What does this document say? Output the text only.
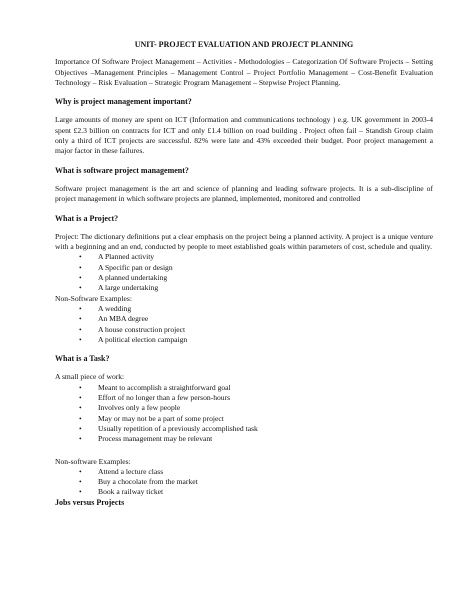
UNIT- PROJECT EVALUATION AND PROJECT PLANNING

Importance Of Software Project Management – Activities - Methodologies – Categorization Of Software Projects – Setting Objectives –Management Principles – Management Control – Project Portfolio Management – Cost-Benefit Evaluation Technology – Risk Evaluation – Strategic Program Management – Stepwise Project Planning.

Why is project management important?

Large amounts of money are spent on ICT (Information and communications technology ) e.g. UK government in 2003-4 spent £2.3 billion on contracts for ICT and only £1.4 billion on road building . Project often fail – Standish Group claim only a third of ICT projects are successful. 82% were late and 43% exceeded their budget. Poor project management a major factor in these failures.

What is software project management?

Software project management is the art and science of planning and leading software projects. It is a sub-discipline of project management in which software projects are planned, implemented, monitored and controlled

What is a Project?

Project: The dictionary definitions put a clear emphasis on the project being a planned activity. A project is a unique venture with a beginning and an end, conducted by people to meet established goals within parameters of cost, schedule and quality.

• A Planned activity
• A Specific pan or design
• A planned undertaking
• A large undertaking
Non-Software Examples:
• A wedding
• An MBA degree
• A house construction project
• A political election campaign
What is a Task?
A small piece of work:
• Meant to accomplish a straightforward goal
• Effort of no longer than a few person-hours
• Involves only a few people
• May or may not be a part of some project
• Usually repetition of a previously accomplished task
• Process management may be relevant
Non-software Examples:
• Attend a lecture class
• Buy a chocolate from the market
• Book a railway ticket
Jobs versus Projects
